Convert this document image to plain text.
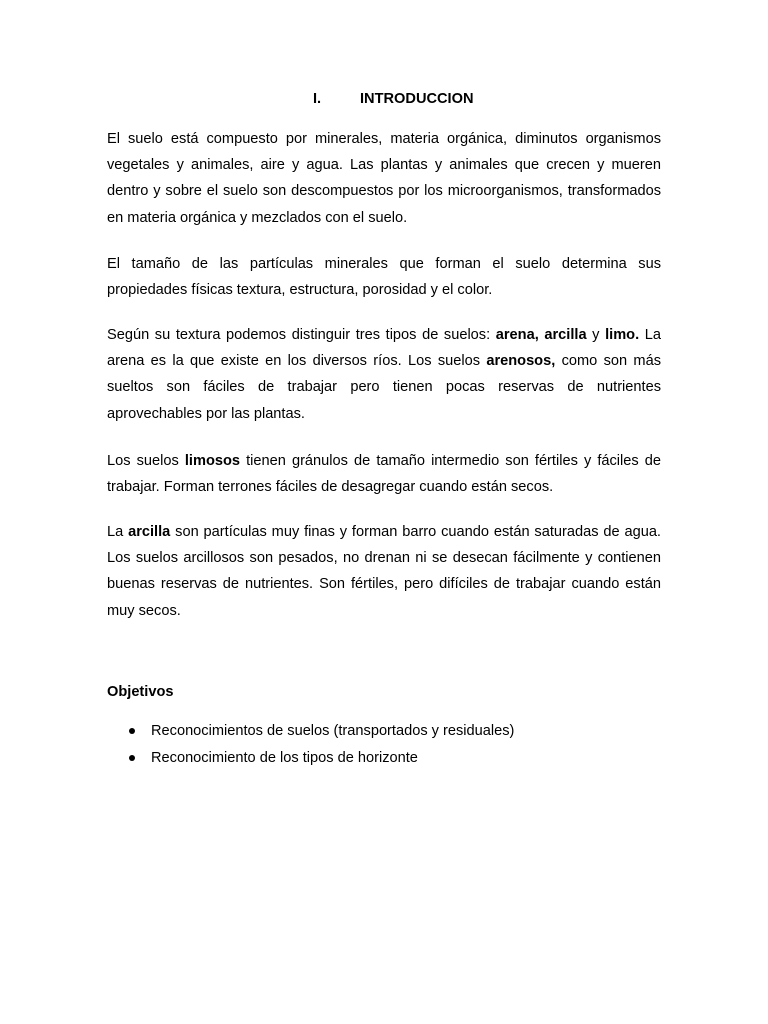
I.	INTRODUCCION

El suelo está compuesto por minerales, materia orgánica, diminutos organismos vegetales y animales, aire y agua. Las plantas y animales que crecen y mueren dentro y sobre el suelo son descompuestos por los microorganismos, transformados en materia orgánica y mezclados con el suelo.

El tamaño de las partículas minerales que forman el suelo determina sus propiedades físicas textura, estructura, porosidad y el color.

Según su textura podemos distinguir tres tipos de suelos: arena, arcilla y limo. La arena es la que existe en los diversos ríos. Los suelos arenosos, como son más sueltos son fáciles de trabajar pero tienen pocas reservas de nutrientes aprovechables por las plantas.

Los suelos limosos tienen gránulos de tamaño intermedio son fértiles y fáciles de trabajar. Forman terrones fáciles de desagregar cuando están secos.

La arcilla son partículas muy finas y forman barro cuando están saturadas de agua. Los suelos arcillosos son pesados, no drenan ni se desecan fácilmente y contienen buenas reservas de nutrientes. Son fértiles, pero difíciles de trabajar cuando están muy secos.

Objetivos

Reconocimientos de suelos (transportados y residuales)
Reconocimiento de los tipos de horizonte
